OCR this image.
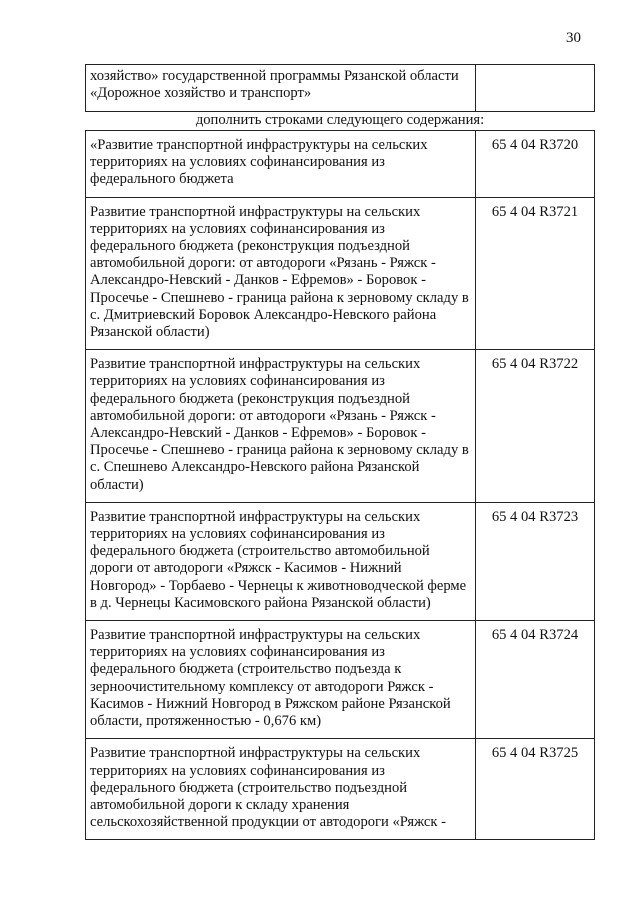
30
хозяйство» государственной программы Рязанской области «Дорожное хозяйство и транспорт»	
дополнить строками следующего содержания:	
«Развитие транспортной инфраструктуры на сельских территориях на условиях софинансирования из федерального бюджета	65 4 04 R3720
Развитие транспортной инфраструктуры на сельских территориях на условиях софинансирования из федерального бюджета (реконструкция подъездной автомобильной дороги: от автодороги «Рязань - Ряжск - Александро-Невский - Данков - Ефремов» - Боровок - Просечье - Спешнево - граница района к зерновому складу в с. Дмитриевский Боровок Александро-Невского района Рязанской области)	65 4 04 R3721
Развитие транспортной инфраструктуры на сельских территориях на условиях софинансирования из федерального бюджета (реконструкция подъездной автомобильной дороги: от автодороги «Рязань - Ряжск - Александро-Невский - Данков - Ефремов» - Боровок - Просечье - Спешнево - граница района к зерновому складу в с. Спешнево Александро-Невского района Рязанской области)	65 4 04 R3722
Развитие транспортной инфраструктуры на сельских территориях на условиях софинансирования из федерального бюджета (строительство автомобильной дороги от автодороги «Ряжск - Касимов - Нижний Новгород» - Торбаево - Чернецы к животноводческой ферме в д. Чернецы Касимовского района Рязанской области)	65 4 04 R3723
Развитие транспортной инфраструктуры на сельских территориях на условиях софинансирования из федерального бюджета (строительство подъезда к зерноочистительному комплексу от автодороги Ряжск - Касимов - Нижний Новгород в Ряжском районе Рязанской области, протяженностью - 0,676 км)	65 4 04 R3724
Развитие транспортной инфраструктуры на сельских территориях на условиях софинансирования из федерального бюджета (строительство подъездной автомобильной дороги к складу хранения сельскохозяйственной продукции от автодороги «Ряжск -	65 4 04 R3725
